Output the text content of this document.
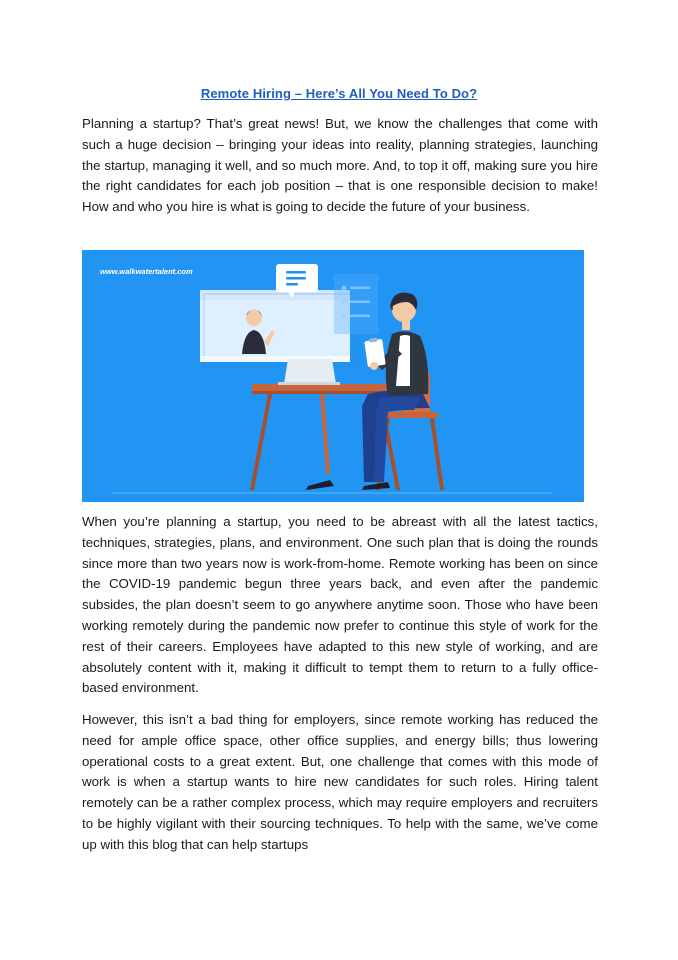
Remote Hiring – Here’s All You Need To Do?

Planning a startup? That’s great news! But, we know the challenges that come with such a huge decision – bringing your ideas into reality, planning strategies, launching the startup, managing it well, and so much more. And, to top it off, making sure you hire the right candidates for each job position – that is one responsible decision to make! How and who you hire is what is going to decide the future of your business.

www.walkwatertalent.com

When you’re planning a startup, you need to be abreast with all the latest tactics, techniques, strategies, plans, and environment. One such plan that is doing the rounds since more than two years now is work-from-home. Remote working has been on since the COVID-19 pandemic begun three years back, and even after the pandemic subsides, the plan doesn’t seem to go anywhere anytime soon. Those who have been working remotely during the pandemic now prefer to continue this style of work for the rest of their careers. Employees have adapted to this new style of working, and are absolutely content with it, making it difficult to tempt them to return to a fully office-based environment.

However, this isn’t a bad thing for employers, since remote working has reduced the need for ample office space, other office supplies, and energy bills; thus lowering operational costs to a great extent. But, one challenge that comes with this mode of work is when a startup wants to hire new candidates for such roles. Hiring talent remotely can be a rather complex process, which may require employers and recruiters to be highly vigilant with their sourcing techniques. To help with the same, we’ve come up with this blog that can help startups
